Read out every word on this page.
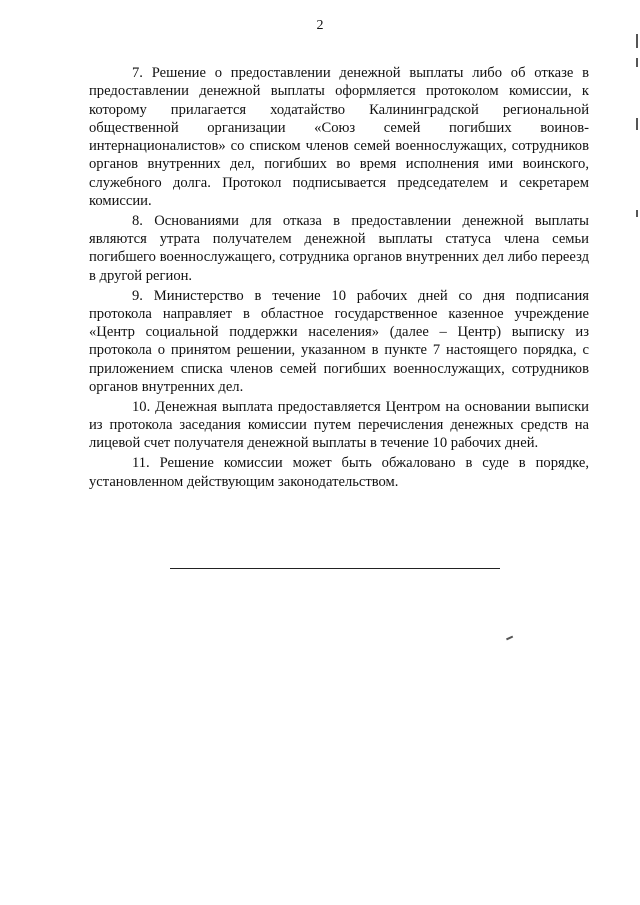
2

7. Решение о предоставлении денежной выплаты либо об отказе в предоставлении денежной выплаты оформляется протоколом комиссии, к которому прилагается ходатайство Калининградской региональной общественной организации «Союз семей погибших воинов-интернационалистов» со списком членов семей военнослужащих, сотрудников органов внутренних дел, погибших во время исполнения ими воинского, служебного долга. Протокол подписывается председателем и секретарем комиссии.

8. Основаниями для отказа в предоставлении денежной выплаты являются утрата получателем денежной выплаты статуса члена семьи погибшего военнослужащего, сотрудника органов внутренних дел либо переезд в другой регион.

9. Министерство в течение 10 рабочих дней со дня подписания протокола направляет в областное государственное казенное учреждение «Центр социальной поддержки населения» (далее – Центр) выписку из протокола о принятом решении, указанном в пункте 7 настоящего порядка, с приложением списка членов семей погибших военнослужащих, сотрудников органов внутренних дел.

10. Денежная выплата предоставляется Центром на основании выписки из протокола заседания комиссии путем перечисления денежных средств на лицевой счет получателя денежной выплаты в течение 10 рабочих дней.

11. Решение комиссии может быть обжаловано в суде в порядке, установленном действующим законодательством.
